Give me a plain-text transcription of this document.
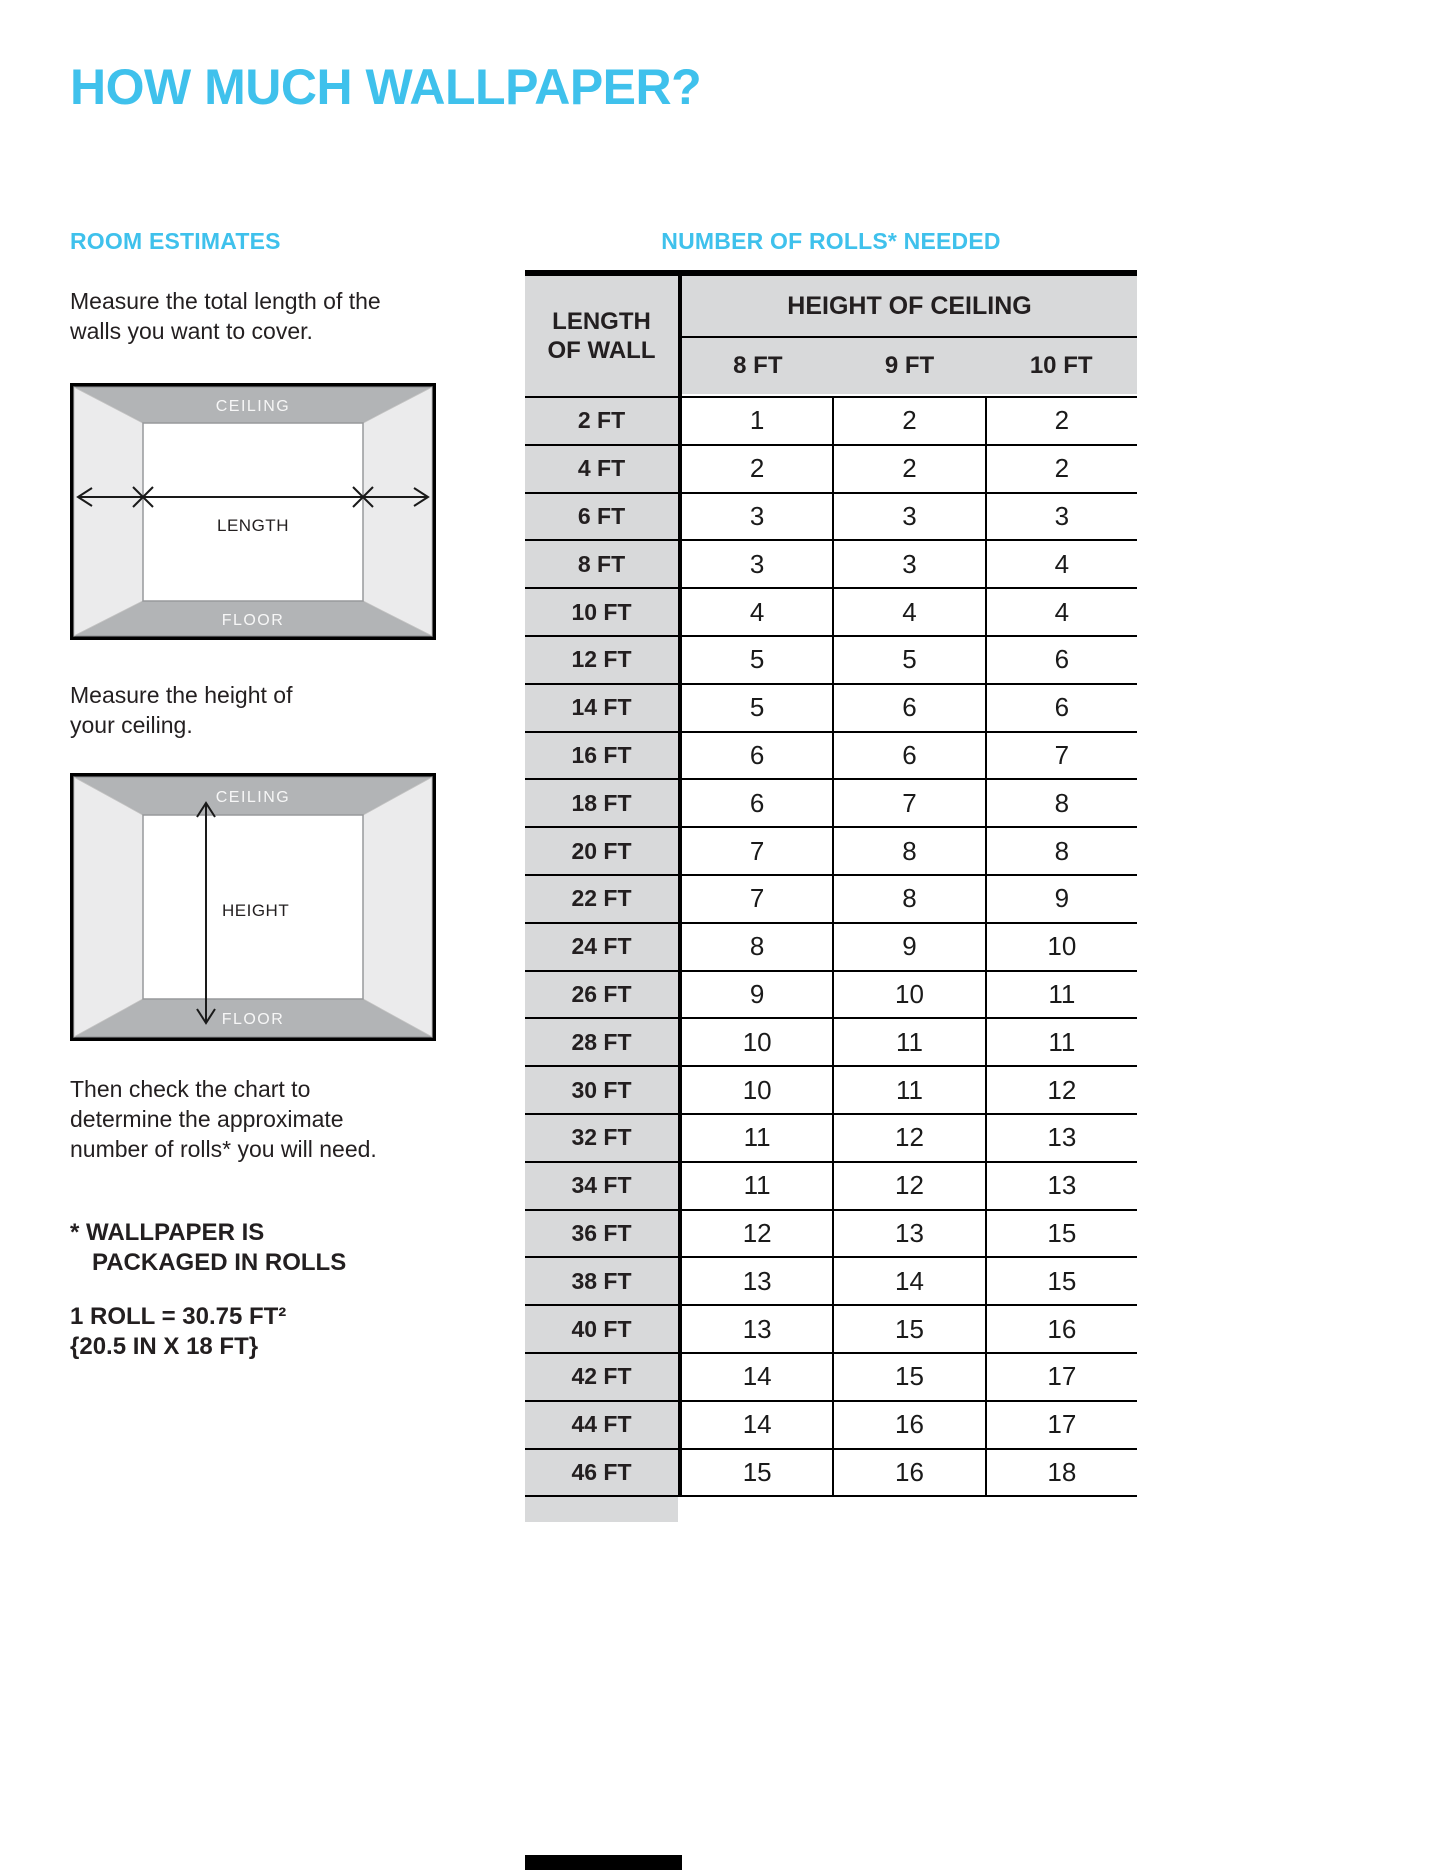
HOW MUCH WALLPAPER?
ROOM ESTIMATES	NUMBER OF ROLLS* NEEDED

Measure the total length of the walls you want to cover.

CEILING
FLOOR
LENGTH

Measure the height of your ceiling.

CEILING
FLOOR
HEIGHT

Then check the chart to determine the approximate number of rolls* you will need.

* WALLPAPER IS
PACKAGED IN ROLLS
1 ROLL = 30.75 FT²
{20.5 IN X 18 FT}
LENGTH OF WALL
HEIGHT OF CEILING
8 FT	9 FT	10 FT
2 FT	1	2	2
4 FT	2	2	2
6 FT	3	3	3
8 FT	3	3	4
10 FT	4	4	4
12 FT	5	5	6
14 FT	5	6	6
16 FT	6	6	7
18 FT	6	7	8
20 FT	7	8	8
22 FT	7	8	9
24 FT	8	9	10
26 FT	9	10	11
28 FT	10	11	11
30 FT	10	11	12
32 FT	11	12	13
34 FT	11	12	13
36 FT	12	13	15
38 FT	13	14	15
40 FT	13	15	16
42 FT	14	15	17
44 FT	14	16	17
46 FT	15	16	18
